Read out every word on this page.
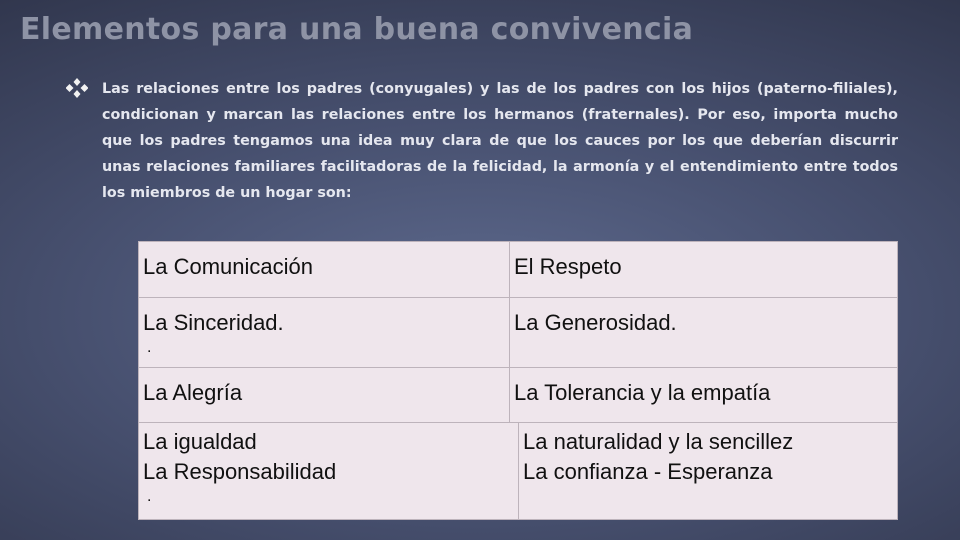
Elementos para una buena convivencia

Las relaciones entre los padres (conyugales) y las de los padres con los hijos (paterno-filiales), condicionan y marcan las relaciones entre los hermanos (fraternales). Por eso, importa mucho que los padres tengamos una idea muy clara de que los cauces por los que deberían discurrir unas relaciones familiares facilitadoras de la felicidad, la armonía y el entendimiento entre todos los miembros de un hogar son:

La Comunicación	El Respeto
La Sinceridad.
.
La Generosidad.
La Alegría	La Tolerancia y la empatía
La igualdad
La Responsabilidad
.
La naturalidad y la sencillez
La confianza - Esperanza
